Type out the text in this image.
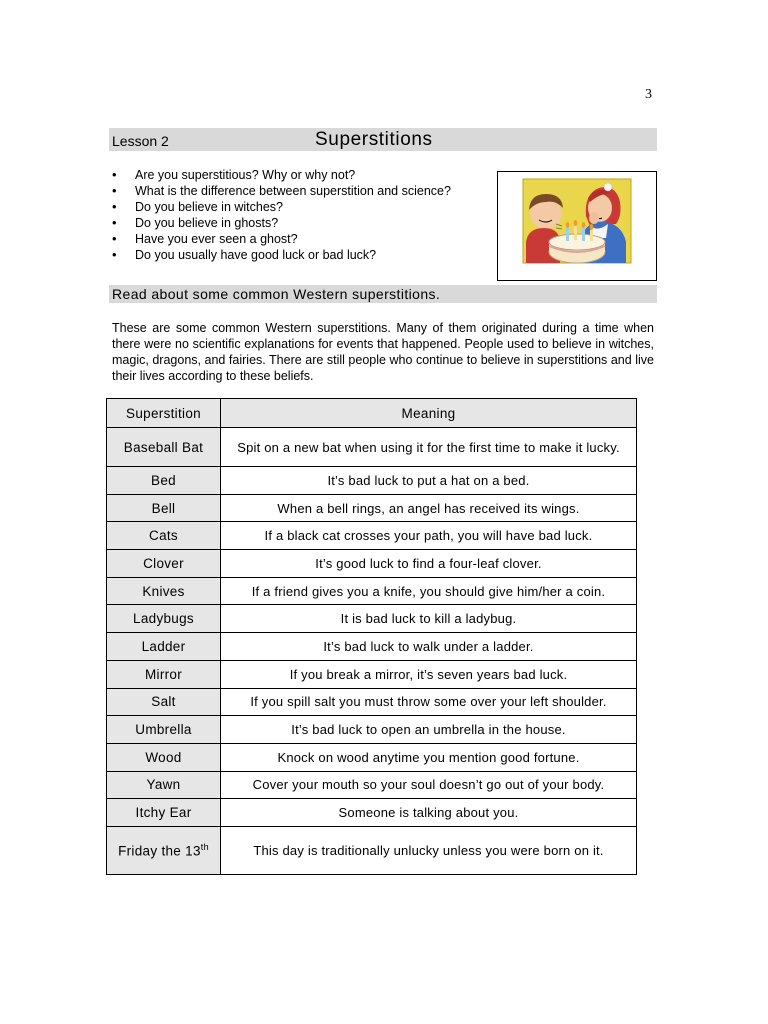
3
Lesson 2	Superstitions
• Are you superstitious? Why or why not?
• What is the difference between superstition and science?
• Do you believe in witches?
• Do you believe in ghosts?
• Have you ever seen a ghost?
• Do you usually have good luck or bad luck?
Read about some common Western superstitions.

These are some common Western superstitions. Many of them originated during a time when there were no scientific explanations for events that happened. People used to believe in witches, magic, dragons, and fairies. There are still people who continue to believe in superstitions and live their lives according to these beliefs.

Superstition	Meaning
Baseball Bat	Spit on a new bat when using it for the first time to make it lucky.
Bed	It’s bad luck to put a hat on a bed.
Bell	When a bell rings, an angel has received its wings.
Cats	If a black cat crosses your path, you will have bad luck.
Clover	It’s good luck to find a four-leaf clover.
Knives	If a friend gives you a knife, you should give him/her a coin.
Ladybugs	It is bad luck to kill a ladybug.
Ladder	It’s bad luck to walk under a ladder.
Mirror	If you break a mirror, it’s seven years bad luck.
Salt	If you spill salt you must throw some over your left shoulder.
Umbrella	It’s bad luck to open an umbrella in the house.
Wood	Knock on wood anytime you mention good fortune.
Yawn	Cover your mouth so your soul doesn’t go out of your body.
Itchy Ear	Someone is talking about you.
Friday the 13th	This day is traditionally unlucky unless you were born on it.
